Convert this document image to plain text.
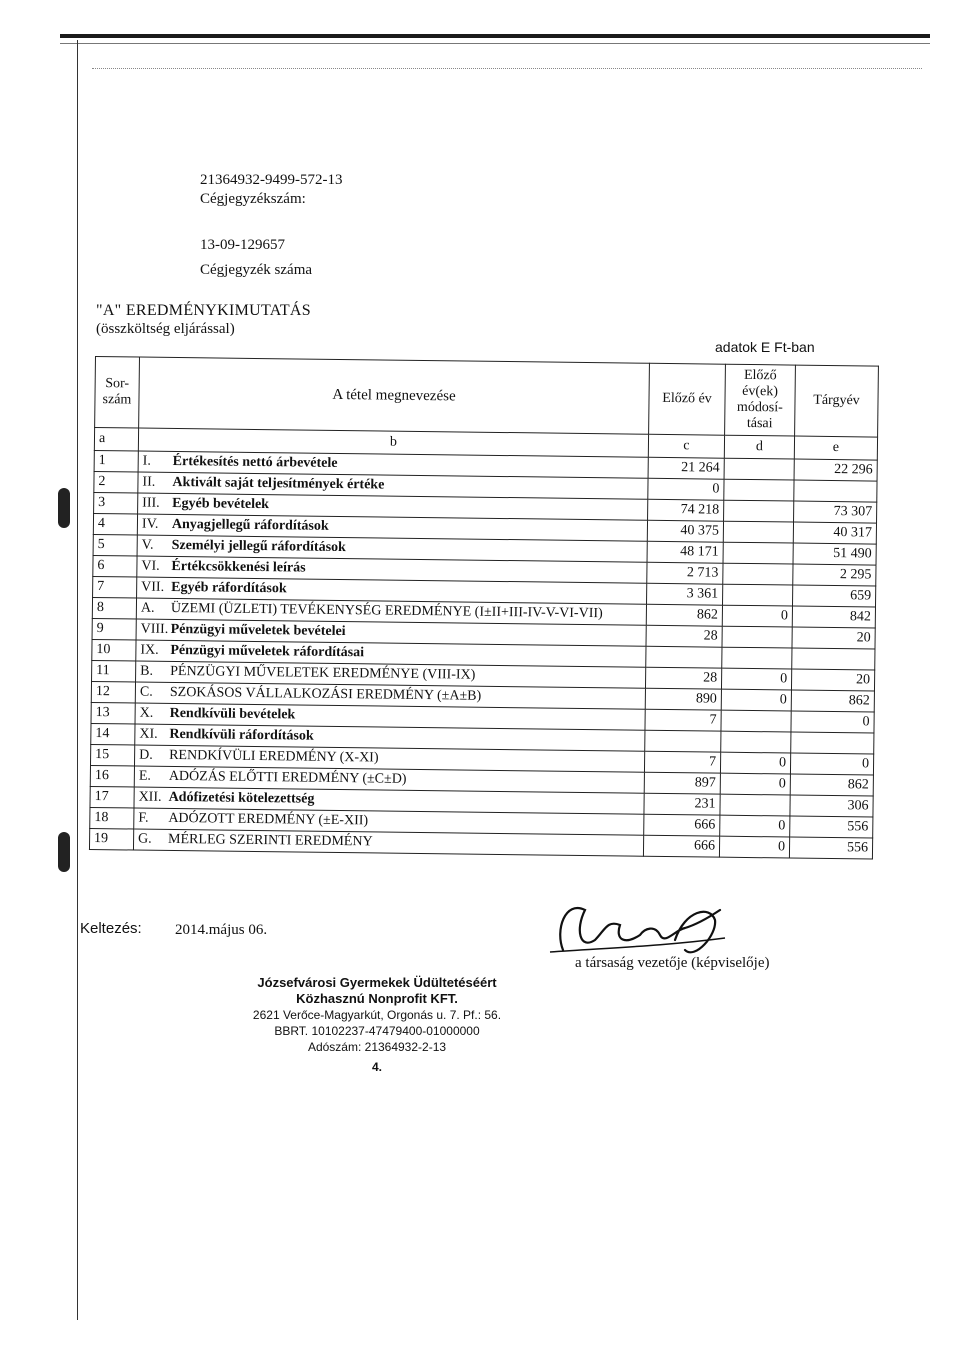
21364932-9499-572-13
Cégjegyzékszám:
13-09-129657
Cégjegyzék száma
"A" EREDMÉNYKIMUTATÁS
(összköltség eljárással)
adatok E Ft-ban
Sor-
szám	A tétel megnevezése	Előző év	Előző
év(ek)
módosí-
tásai	Tárgyév
a	b	c	d	e
1	I. Értékesítés nettó árbevétele	21 264		22 296
2	II. Aktivált saját teljesítmények értéke	0		
3	III. Egyéb bevételek	74 218		73 307
4	IV. Anyagjellegű ráfordítások	40 375		40 317
5	V. Személyi jellegű ráfordítások	48 171		51 490
6	VI. Értékcsökkenési leírás	2 713		2 295
7	VII. Egyéb ráfordítások	3 361		659
8	A. ÜZEMI (ÜZLETI) TEVÉKENYSÉG EREDMÉNYE (I±II+III-IV-V-VI-VII)	862	0	842
9	VIII. Pénzügyi műveletek bevételei	28		20
10	IX. Pénzügyi műveletek ráfordításai			
11	B. PÉNZÜGYI MŰVELETEK EREDMÉNYE (VIII-IX)	28	0	20
12	C. SZOKÁSOS VÁLLALKOZÁSI EREDMÉNY (±A±B)	890	0	862
13	X. Rendkívüli bevételek	7		0
14	XI. Rendkívüli ráfordítások			
15	D. RENDKÍVÜLI EREDMÉNY (X-XI)	7	0	0
16	E. ADÓZÁS ELŐTTI EREDMÉNY (±C±D)	897	0	862
17	XII. Adófizetési kötelezettség	231		306
18	F. ADÓZOTT EREDMÉNY (±E-XII)	666	0	556
19	G. MÉRLEG SZERINTI EREDMÉNY	666	0	556
Keltezés: 2014.május 06.
a társaság vezetője (képviselője)
Józsefvárosi Gyermekek Üdültetéséért
Közhasznú Nonprofit KFT.
2621 Verőce-Magyarkút, Orgonás u. 7. Pf.: 56.
BBRT. 10102237-47479400-01000000
Adószám: 21364932-2-13
4.
